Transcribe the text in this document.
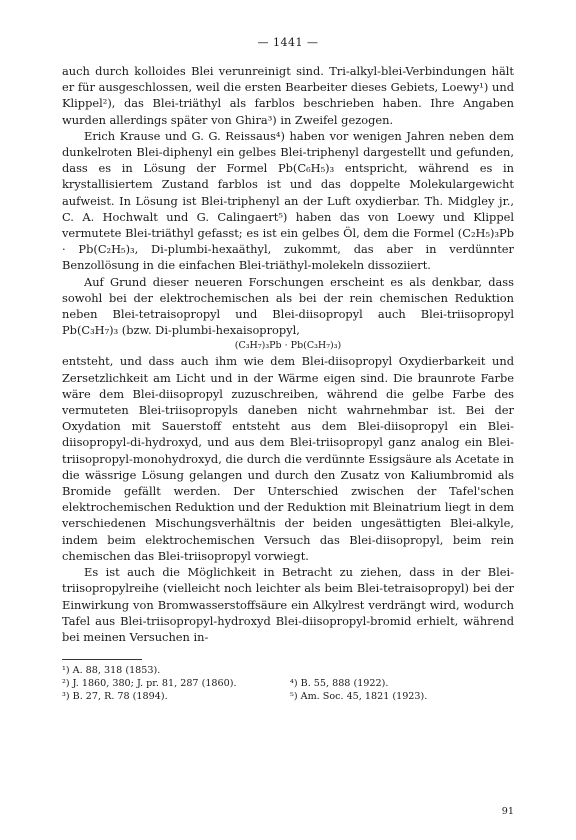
— 1441 —

auch durch kolloides Blei verunreinigt sind. Tri-alkyl-blei-Verbindungen hält er für ausgeschlossen, weil die ersten Bearbeiter dieses Gebiets, Loewy¹) und Klippel²), das Blei-triäthyl als farblos beschrieben haben. Ihre Angaben wurden allerdings später von Ghira³) in Zweifel gezogen.

Erich Krause und G. G. Reissaus⁴) haben vor wenigen Jahren neben dem dunkelroten Blei-diphenyl ein gelbes Blei-triphenyl dargestellt und gefunden, dass es in Lösung der Formel Pb(C₆H₅)₃ entspricht, während es in krystallisiertem Zustand farblos ist und das doppelte Molekulargewicht aufweist. In Lösung ist Blei-triphenyl an der Luft oxydierbar. Th. Midgley jr., C. A. Hochwalt und G. Calingaert⁵) haben das von Loewy und Klippel vermutete Blei-triäthyl gefasst; es ist ein gelbes Öl, dem die Formel (C₂H₅)₃Pb · Pb(C₂H₅)₃, Di-plumbi-hexaäthyl, zukommt, das aber in verdünnter Benzollösung in die einfachen Blei-triäthyl-molekeln dissoziiert.

Auf Grund dieser neueren Forschungen erscheint es als denkbar, dass sowohl bei der elektrochemischen als bei der rein chemischen Reduktion neben Blei-tetraisopropyl und Blei-diisopropyl auch Blei-triisopropyl Pb(C₃H₇)₃ (bzw. Di-plumbi-hexaisopropyl,

(C₃H₇)₃Pb · Pb(C₃H₇)₃)

entsteht, und dass auch ihm wie dem Blei-diisopropyl Oxydierbarkeit und Zersetzlichkeit am Licht und in der Wärme eigen sind. Die braunrote Farbe wäre dem Blei-diisopropyl zuzuschreiben, während die gelbe Farbe des vermuteten Blei-triisopropyls daneben nicht wahrnehmbar ist. Bei der Oxydation mit Sauerstoff entsteht aus dem Blei-diisopropyl ein Blei-diisopropyl-di-hydroxyd, und aus dem Blei-triisopropyl ganz analog ein Blei-triisopropyl-monohydroxyd, die durch die verdünnte Essigsäure als Acetate in die wässrige Lösung gelangen und durch den Zusatz von Kaliumbromid als Bromide gefällt werden. Der Unterschied zwischen der Tafel'schen elektrochemischen Reduktion und der Reduktion mit Bleinatrium liegt in dem verschiedenen Mischungsverhältnis der beiden ungesättigten Blei-alkyle, indem beim elektrochemischen Versuch das Blei-diisopropyl, beim rein chemischen das Blei-triisopropyl vorwiegt.

Es ist auch die Möglichkeit in Betracht zu ziehen, dass in der Blei-triisopropylreihe (vielleicht noch leichter als beim Blei-tetraisopropyl) bei der Einwirkung von Bromwasserstoffsäure ein Alkylrest verdrängt wird, wodurch Tafel aus Blei-triisopropyl-hydroxyd Blei-diisopropyl-bromid erhielt, während bei meinen Versuchen in-

¹) A. 88, 318 (1853).
²) J. 1860, 380; J. pr. 81, 287 (1860).	⁴) B. 55, 888 (1922).
³) B. 27, R. 78 (1894).	⁵) Am. Soc. 45, 1821 (1923).
91
